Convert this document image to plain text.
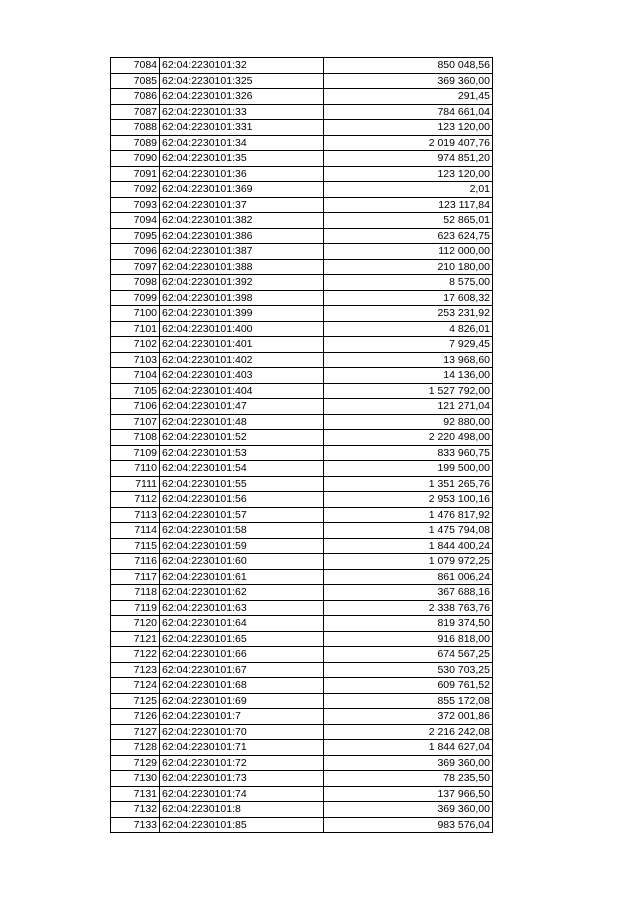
7084	62:04:2230101:32	850 048,56
7085	62:04:2230101:325	369 360,00
7086	62:04:2230101:326	291,45
7087	62:04:2230101:33	784 661,04
7088	62:04:2230101:331	123 120,00
7089	62:04:2230101:34	2 019 407,76
7090	62:04:2230101:35	974 851,20
7091	62:04:2230101:36	123 120,00
7092	62:04:2230101:369	2,01
7093	62:04:2230101:37	123 117,84
7094	62:04:2230101:382	52 865,01
7095	62:04:2230101:386	623 624,75
7096	62:04:2230101:387	112 000,00
7097	62:04:2230101:388	210 180,00
7098	62:04:2230101:392	8 575,00
7099	62:04:2230101:398	17 608,32
7100	62:04:2230101:399	253 231,92
7101	62:04:2230101:400	4 826,01
7102	62:04:2230101:401	7 929,45
7103	62:04:2230101:402	13 968,60
7104	62:04:2230101:403	14 136,00
7105	62:04:2230101:404	1 527 792,00
7106	62:04:2230101:47	121 271,04
7107	62:04:2230101:48	92 880,00
7108	62:04:2230101:52	2 220 498,00
7109	62:04:2230101:53	833 960,75
7110	62:04:2230101:54	199 500,00
7111	62:04:2230101:55	1 351 265,76
7112	62:04:2230101:56	2 953 100,16
7113	62:04:2230101:57	1 476 817,92
7114	62:04:2230101:58	1 475 794,08
7115	62:04:2230101:59	1 844 400,24
7116	62:04:2230101:60	1 079 972,25
7117	62:04:2230101:61	861 006,24
7118	62:04:2230101:62	367 688,16
7119	62:04:2230101:63	2 338 763,76
7120	62:04:2230101:64	819 374,50
7121	62:04:2230101:65	916 818,00
7122	62:04:2230101:66	674 567,25
7123	62:04:2230101:67	530 703,25
7124	62:04:2230101:68	609 761,52
7125	62:04:2230101:69	855 172,08
7126	62:04:2230101:7	372 001,86
7127	62:04:2230101:70	2 216 242,08
7128	62:04:2230101:71	1 844 627,04
7129	62:04:2230101:72	369 360,00
7130	62:04:2230101:73	78 235,50
7131	62:04:2230101:74	137 966,50
7132	62:04:2230101:8	369 360,00
7133	62:04:2230101:85	983 576,04
